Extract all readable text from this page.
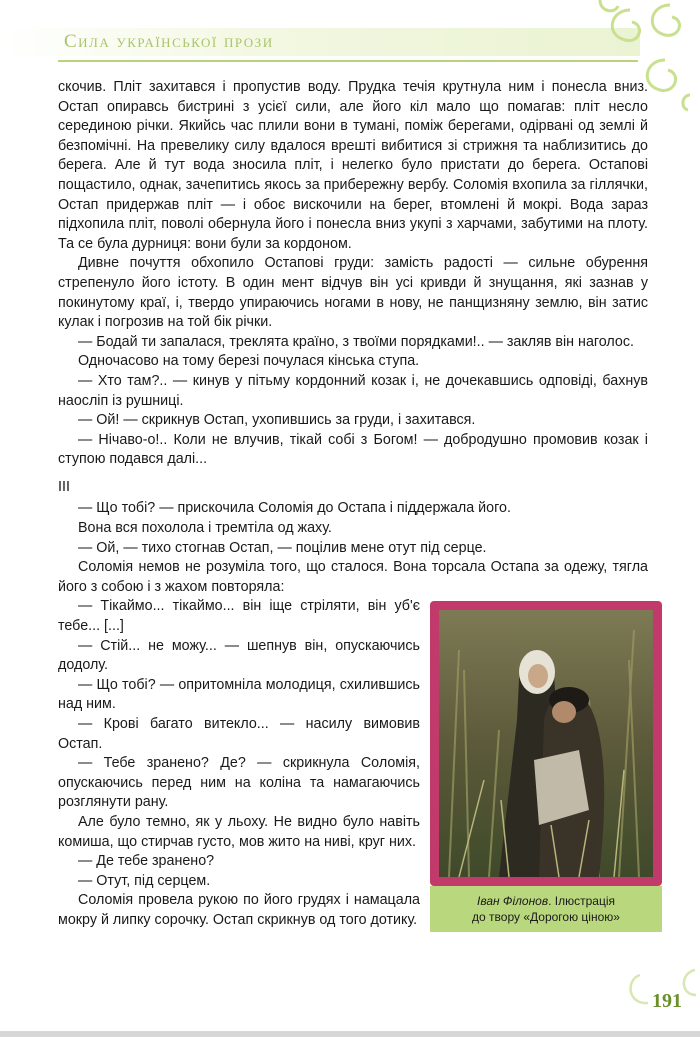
Сила української прози

скочив. Пліт захитався і пропустив воду. Прудка течія крутнула ним і понесла вниз. Остап опиравсь бистрині з усієї сили, але його кіл мало що помагав: пліт несло серединою річки. Якийсь час плили вони в тумані, поміж берегами, одірвані од землі й безпомічні. На превелику силу вдалося врешті вибитися зі стрижня та наблизитись до берега. Але й тут вода зносила пліт, і нелегко було пристати до берега. Остапові пощастило, однак, зачепитись якось за прибережну вербу. Соломія вхопила за гіллячки, Остап придержав пліт — і обоє вискочили на берег, втомлені й мокрі. Вода зараз підхопила пліт, поволі обернула його і понесла вниз укупі з харчами, забутими на плоту. Та се була дурниця: вони були за кордоном.

Дивне почуття обхопило Остапові груди: замість радості — сильне обурення стрепенуло його істоту. В один мент відчув він усі кривди й знущання, які зазнав у покинутому краї, і, твердо упираючись ногами в нову, не панщизняну землю, він затис кулак і погрозив на той бік річки.

— Бодай ти запалася, треклята країно, з твоїми порядками!.. — закляв він наголос.

Одночасово на тому березі почулася кінська ступа.

— Хто там?.. — кинув у пітьму кордонний козак і, не дочекавшись одповіді, бахнув наосліп із рушниці.

— Ой! — скрикнув Остап, ухопившись за груди, і захитався.

— Нічаво-о!.. Коли не влучив, тікай собі з Богом! — добродушно промовив козак і ступою подався далі...

III

— Що тобі? — прискочила Соломія до Остапа і піддержала його.

Вона вся похолола і тремтіла од жаху.

— Ой, — тихо стогнав Остап, — поцілив мене отут під серце.

Соломія немов не розуміла того, що сталося. Вона торсала Остапа за одежу, тягла його з собою і з жахом повторяла:

Іван Філонов. Ілюстрація
до твору «Дорогою ціною»

— Тікаймо... тікаймо... він іще стріляти, він уб'є тебе... [...]

— Стій... не можу... — шепнув він, опускаючись додолу.

— Що тобі? — опритомніла молодиця, схилившись над ним.

— Крові багато витекло... — насилу вимовив Остап.

— Тебе зранено? Де? — скрикнула Соломія, опускаючись перед ним на коліна та намагаючись розглянути рану.

Але було темно, як у льоху. Не видно було навіть комиша, що стирчав густо, мов жито на ниві, круг них.

— Де тебе зранено?

— Отут, під серцем.

Соломія провела рукою по його грудях і намацала мокру й липку сорочку. Остап скрикнув од того дотику.

191
